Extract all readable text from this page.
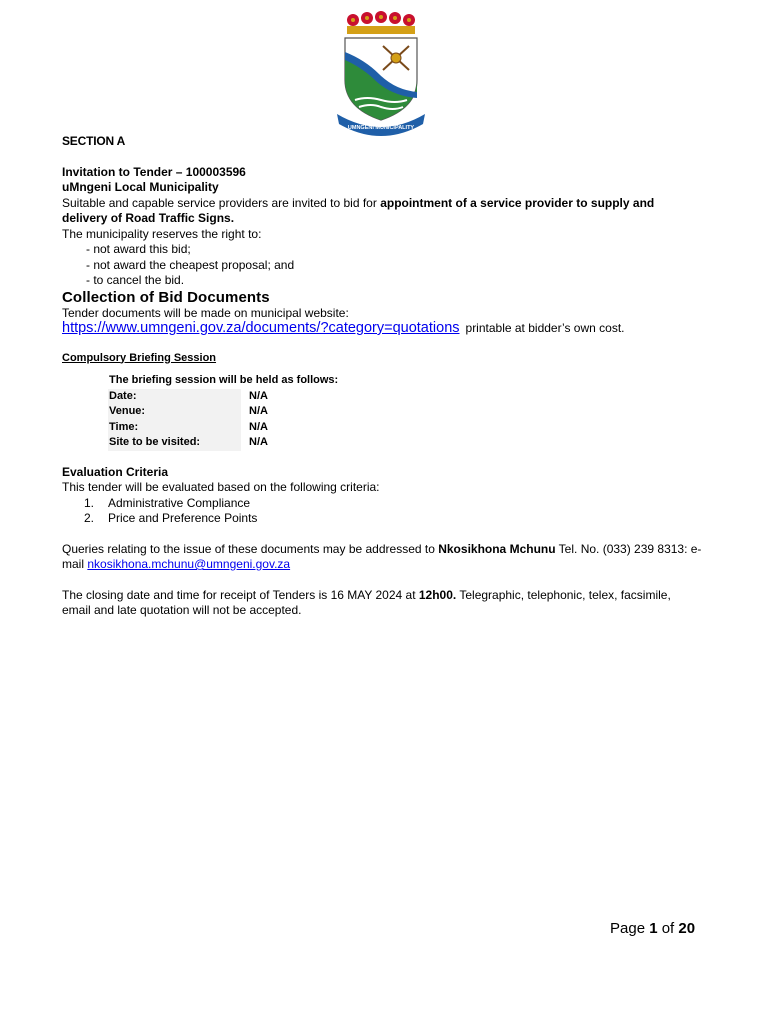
UMNGENI MUNICIPALITY

SECTION A

Invitation to Tender – 100003596

uMngeni Local Municipality

Suitable and capable service providers are invited to bid for appointment of a service provider to supply and delivery of Road Traffic Signs.

The municipality reserves the right to:

- not award this bid;
- not award the cheapest proposal; and
- to cancel the bid.

Collection of Bid Documents

Tender documents will be made on municipal website:

https://www.umngeni.gov.za/documents/?category=quotations printable at bidder’s own cost.

Compulsory Briefing Session

The briefing session will be held as follows:	
Date:	N/A
Venue:	N/A
Time:	N/A
Site to be visited:	N/A

Evaluation Criteria

This tender will be evaluated based on the following criteria:

1. Administrative Compliance
2. Price and Preference Points

Queries relating to the issue of these documents may be addressed to Nkosikhona Mchunu Tel. No. (033) 239 8313: e-mail nkosikhona.mchunu@umngeni.gov.za

The closing date and time for receipt of Tenders is 16 MAY 2024 at 12h00. Telegraphic, telephonic, telex, facsimile, email and late quotation will not be accepted.

Page 1 of 20
